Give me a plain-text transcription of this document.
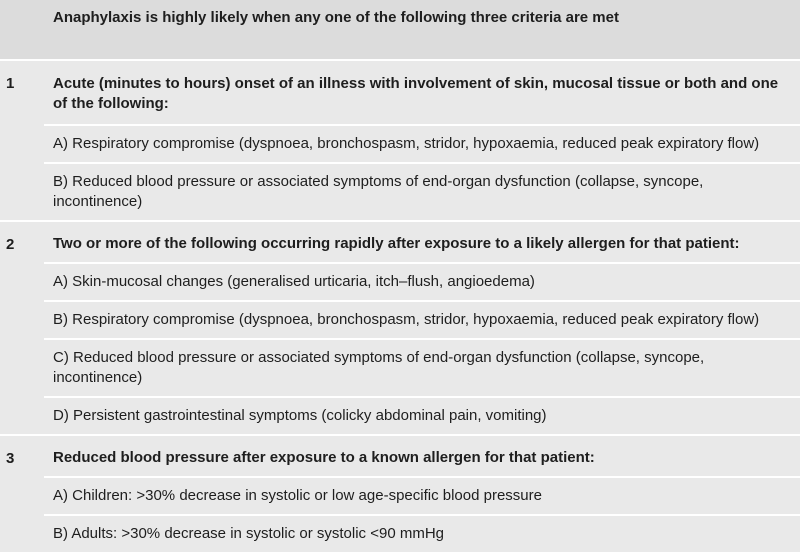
	Anaphylaxis is highly likely when any one of the following three criteria are met
1	Acute (minutes to hours) onset of an illness with involvement of skin, mucosal tissue or both and one of the following:
	A) Respiratory compromise (dyspnoea, bronchospasm, stridor, hypoxaemia, reduced peak expiratory flow)
	B) Reduced blood pressure or associated symptoms of end-organ dysfunction (collapse, syncope, incontinence)
2	Two or more of the following occurring rapidly after exposure to a likely allergen for that patient:
	A) Skin-mucosal changes (generalised urticaria, itch–flush, angioedema)
	B) Respiratory compromise (dyspnoea, bronchospasm, stridor, hypoxaemia, reduced peak expiratory flow)
	C) Reduced blood pressure or associated symptoms of end-organ dysfunction (collapse, syncope, incontinence)
	D) Persistent gastrointestinal symptoms (colicky abdominal pain, vomiting)
3	Reduced blood pressure after exposure to a known allergen for that patient:
	A) Children: >30% decrease in systolic or low age-specific blood pressure
	B) Adults: >30% decrease in systolic or systolic <90 mmHg
